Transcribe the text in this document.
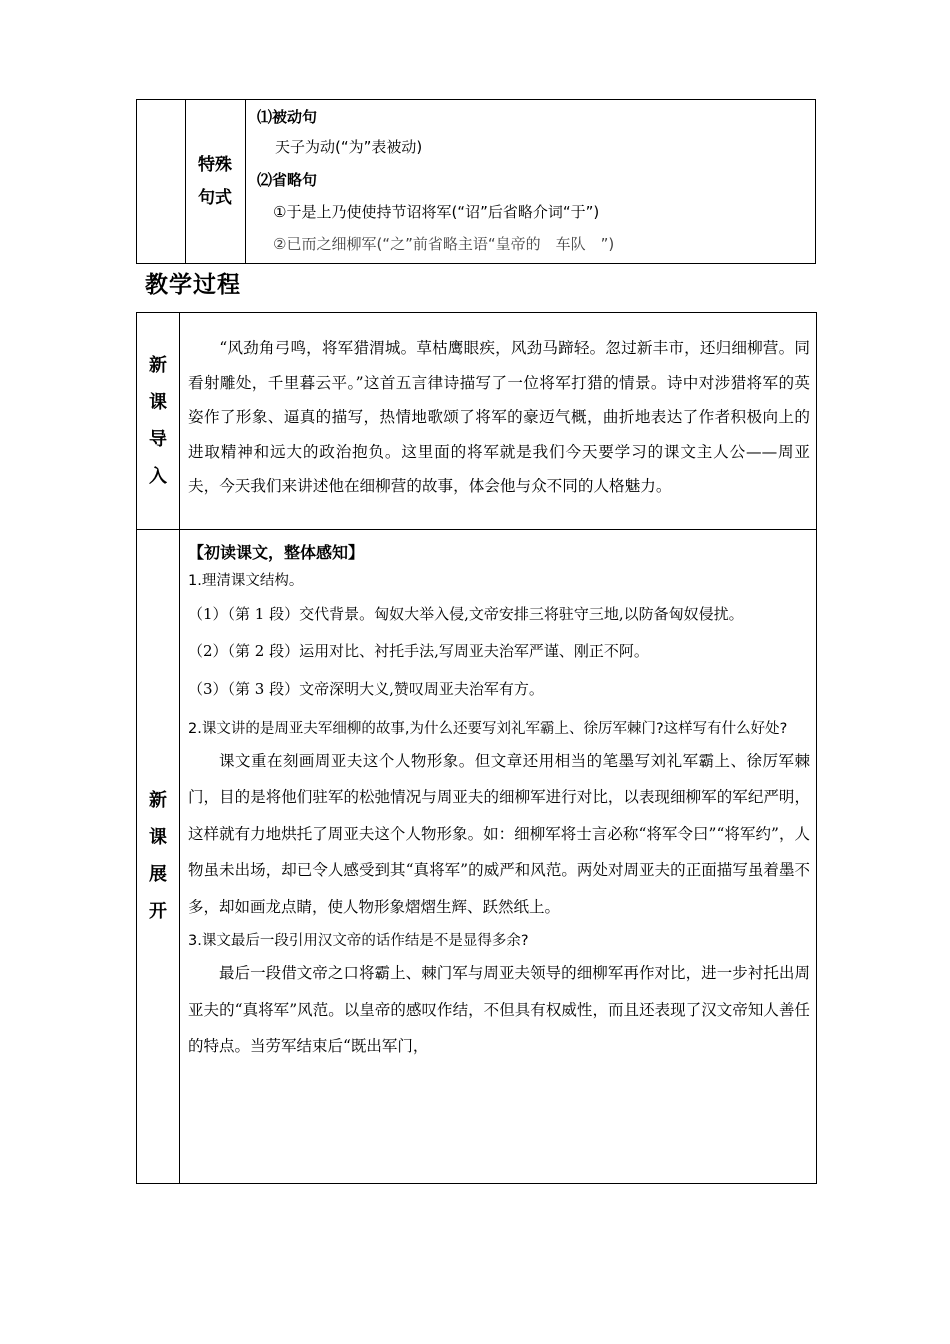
特殊句式
⑴被动句
天子为动(“为”表被动)
⑵省略句
①于是上乃使使持节诏将军(“诏”后省略介词“于”)
②已而之细柳军(“之”前省略主语“皇帝的　车队　”)
教学过程
新课导入
“风劲角弓鸣，将军猎渭城。草枯鹰眼疾，风劲马蹄轻。忽过新丰市，还归细柳营。同看射雕处，千里暮云平。”这首五言律诗描写了一位将军打猎的情景。诗中对涉猎将军的英姿作了形象、逼真的描写，热情地歌颂了将军的豪迈气概，曲折地表达了作者积极向上的进取精神和远大的政治抱负。这里面的将军就是我们今天要学习的课文主人公——周亚夫，今天我们来讲述他在细柳营的故事，体会他与众不同的人格魅力。
新课展开
【初读课文，整体感知】
1.理清课文结构。
（1）（第 1 段）交代背景。匈奴大举入侵,文帝安排三将驻守三地,以防备匈奴侵扰。
（2）（第 2 段）运用对比、衬托手法,写周亚夫治军严谨、刚正不阿。
（3）（第 3 段）文帝深明大义,赞叹周亚夫治军有方。
2.课文讲的是周亚夫军细柳的故事,为什么还要写刘礼军霸上、徐厉军棘门?这样写有什么好处?
课文重在刻画周亚夫这个人物形象。但文章还用相当的笔墨写刘礼军霸上、徐厉军棘门，目的是将他们驻军的松弛情况与周亚夫的细柳军进行对比，以表现细柳军的军纪严明，这样就有力地烘托了周亚夫这个人物形象。如：细柳军将士言必称“将军令曰”“将军约”，人物虽未出场，却已令人感受到其“真将军”的威严和风范。两处对周亚夫的正面描写虽着墨不多，却如画龙点睛，使人物形象熠熠生辉、跃然纸上。
3.课文最后一段引用汉文帝的话作结是不是显得多余?
最后一段借文帝之口将霸上、棘门军与周亚夫领导的细柳军再作对比，进一步衬托出周亚夫的“真将军”风范。以皇帝的感叹作结，不但具有权威性，而且还表现了汉文帝知人善任的特点。当劳军结束后“既出军门，
